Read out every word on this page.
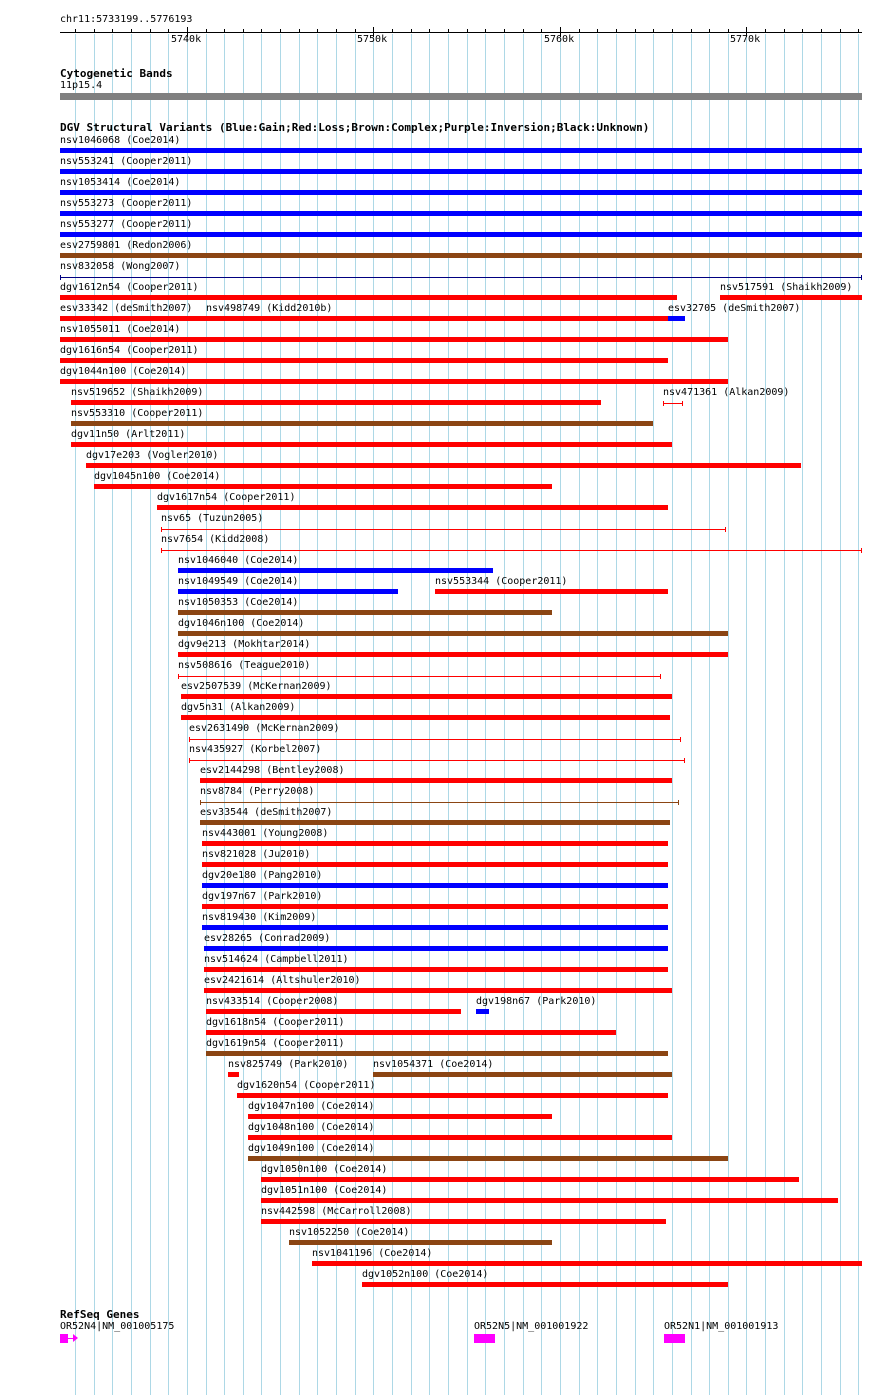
chr11:5733199..5776193
5740k	5750k	5760k	5770k
Cytogenetic Bands
11p15.4
DGV Structural Variants (Blue:Gain;Red:Loss;Brown:Complex;Purple:Inversion;Black:Unknown)
nsv1046068 (Coe2014)
nsv553241 (Cooper2011)
nsv1053414 (Coe2014)
nsv553273 (Cooper2011)
nsv553277 (Cooper2011)
esv2759801 (Redon2006)
nsv832058 (Wong2007)
dgv1612n54 (Cooper2011)	nsv517591 (Shaikh2009)
esv33342 (deSmith2007) nsv498749 (Kidd2010b)	esv32705 (deSmith2007)
nsv1055011 (Coe2014)
dgv1616n54 (Cooper2011)
dgv1044n100 (Coe2014)
nsv519652 (Shaikh2009)	nsv471361 (Alkan2009)
nsv553310 (Cooper2011)
dgv11n50 (Arlt2011)
dgv17e203 (Vogler2010)
dgv1045n100 (Coe2014)
dgv1617n54 (Cooper2011)
nsv65 (Tuzun2005)
nsv7654 (Kidd2008)
nsv1046040 (Coe2014)
nsv1049549 (Coe2014)	nsv553344 (Cooper2011)
nsv1050353 (Coe2014)
dgv1046n100 (Coe2014)
dgv9e213 (Mokhtar2014)
nsv508616 (Teague2010)
esv2507539 (McKernan2009)
dgv5n31 (Alkan2009)
esv2631490 (McKernan2009)
nsv435927 (Korbel2007)
esv2144298 (Bentley2008)
nsv8784 (Perry2008)
esv33544 (deSmith2007)
nsv443001 (Young2008)
nsv821028 (Ju2010)
dgv20e180 (Pang2010)
dgv197n67 (Park2010)
nsv819430 (Kim2009)
esv28265 (Conrad2009)
nsv514624 (Campbell2011)
esv2421614 (Altshuler2010)
nsv433514 (Cooper2008)	dgv198n67 (Park2010)
dgv1618n54 (Cooper2011)
dgv1619n54 (Cooper2011)
nsv825749 (Park2010) nsv1054371 (Coe2014)
dgv1620n54 (Cooper2011)
dgv1047n100 (Coe2014)
dgv1048n100 (Coe2014)
dgv1049n100 (Coe2014)
dgv1050n100 (Coe2014)
dgv1051n100 (Coe2014)
nsv442598 (McCarroll2008)
nsv1052250 (Coe2014)
nsv1041196 (Coe2014)
dgv1052n100 (Coe2014)
RefSeq Genes
OR52N4|NM_001005175	OR52N5|NM_001001922	OR52N1|NM_001001913
